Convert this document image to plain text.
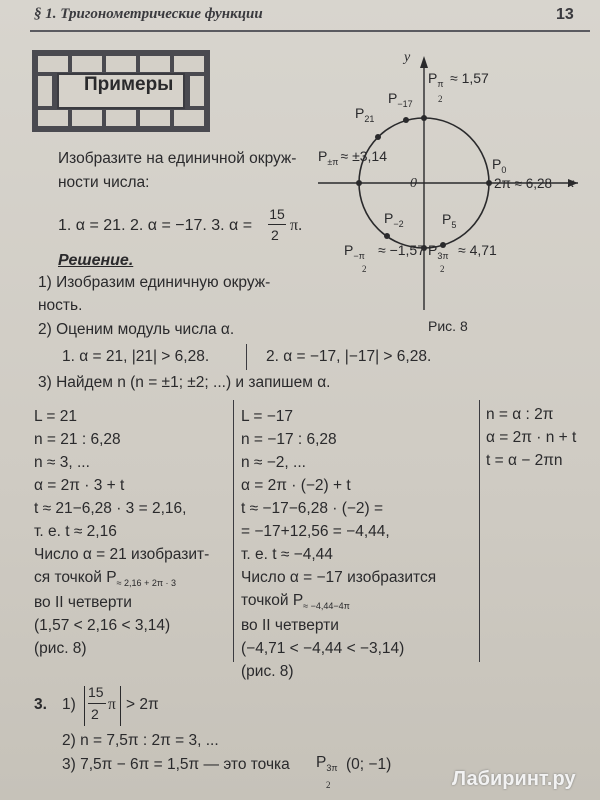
§ 1. Тригонометрические функции	13
Примеры
Изобразите на единичной окруж-
ности числа:
1. α = 21. 2. α = −17. 3. α =
15
2
π.
y
x
0
$P_\pi$
2
≈ 1,57
$P_{-17}$
$P_{21}$
$P_{\pm\pi} \approx \pm 3,14$	$P_0$
2π ≈ 6,28
$P_{-2}$	$P_5$
$P_{-\pi}$
2
≈ −1,57 $P_{3\pi}$
2
≈ 4,71
Рис. 8
Решение.
1) Изобразим единичную окруж-
ность.
2) Оценим модуль числа α.
1. α = 21, |21| > 6,28.	2. α = −17, |−17| > 6,28.
3) Найдем n (n = ±1; ±2; ...) и запишем α.
L = 21
n = 21 : 6,28
n ≈ 3, ...
α = 2π · 3 + t
t ≈ 21−6,28 · 3 = 2,16,
т. е. t ≈ 2,16
Число α = 21 изобразит-
ся точкой $P_{\approx 2,16 + 2\pi \cdot 3}$
во II четверти
(1,57 < 2,16 < 3,14)
(рис. 8)
L = −17
n = −17 : 6,28
n ≈ −2, ...
α = 2π · (−2) + t
t ≈ −17−6,28 · (−2) =
= −17+12,56 = −4,44,
т. е. t ≈ −4,44
Число α = −17 изобразится
точкой $P_{\approx -4,44-4\pi}$
во II четверти
(−4,71 < −4,44 < −3,14)
(рис. 8)
n = α : 2π
α = 2π · n + t
t = α − 2πn
3. 1)
15
2
π > 2π
2) n = 7,5π : 2π = 3, ...
3) 7,5π − 6π = 1,5π — это точка $P_{3\pi}$
2
(0; −1)
Лабиринт.ру
